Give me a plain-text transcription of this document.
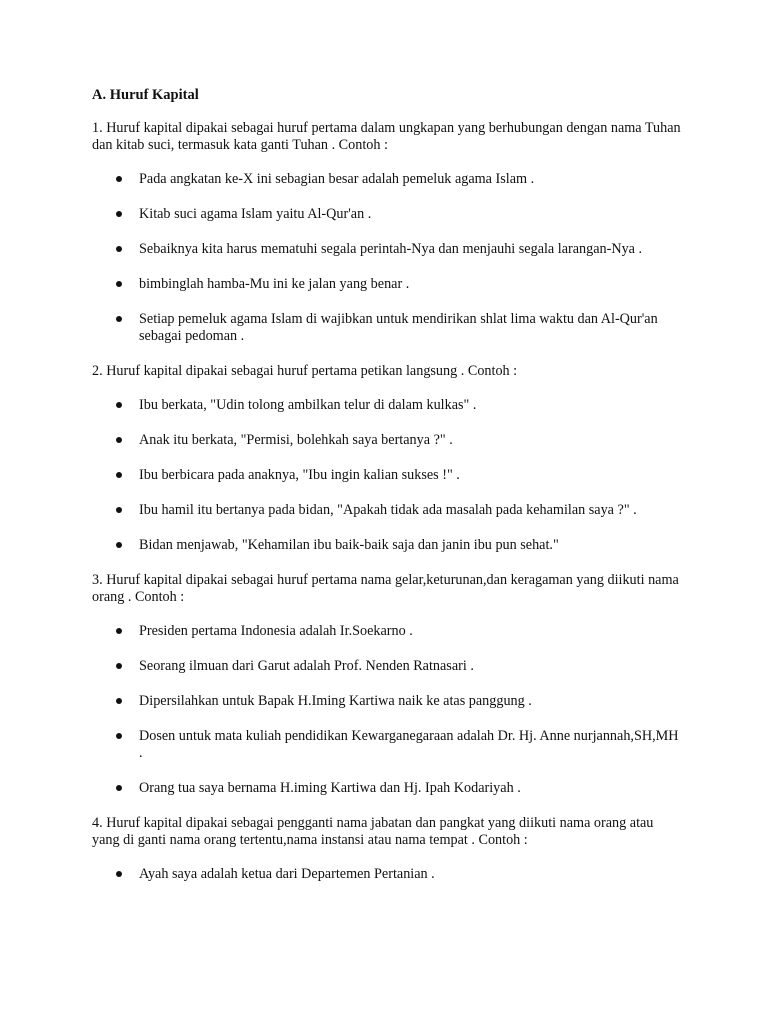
A. Huruf Kapital

1. Huruf kapital dipakai sebagai huruf pertama dalam ungkapan yang berhubungan dengan nama Tuhan dan kitab suci, termasuk kata ganti Tuhan . Contoh :

Pada angkatan ke-X ini sebagian besar adalah pemeluk agama Islam .
Kitab suci agama Islam yaitu Al-Qur'an .
Sebaiknya kita harus mematuhi segala perintah-Nya dan menjauhi segala larangan-Nya .
bimbinglah hamba-Mu ini ke jalan yang benar .
Setiap pemeluk agama Islam di wajibkan untuk mendirikan shlat lima waktu dan Al-Qur'an sebagai pedoman .

2. Huruf kapital dipakai sebagai huruf pertama petikan langsung . Contoh :

Ibu berkata, "Udin tolong ambilkan telur di dalam kulkas" .
Anak itu berkata, "Permisi, bolehkah saya bertanya ?" .
Ibu berbicara pada anaknya, "Ibu ingin kalian sukses !" .
Ibu hamil itu bertanya pada bidan, "Apakah tidak ada masalah pada kehamilan saya ?" .
Bidan menjawab, "Kehamilan ibu baik-baik saja dan janin ibu pun sehat."

3. Huruf kapital dipakai sebagai huruf pertama nama gelar,keturunan,dan keragaman yang diikuti nama orang . Contoh :

Presiden pertama Indonesia adalah Ir.Soekarno .
Seorang ilmuan dari Garut adalah Prof. Nenden Ratnasari .
Dipersilahkan untuk Bapak H.Iming Kartiwa naik ke atas panggung .
Dosen untuk mata kuliah pendidikan Kewarganegaraan adalah Dr. Hj. Anne nurjannah,SH,MH .
Orang tua saya bernama H.iming Kartiwa dan Hj. Ipah Kodariyah .

4. Huruf kapital dipakai sebagai pengganti nama jabatan dan pangkat yang diikuti nama orang atau yang di ganti nama orang tertentu,nama instansi atau nama tempat . Contoh :

Ayah saya adalah ketua dari Departemen Pertanian .
